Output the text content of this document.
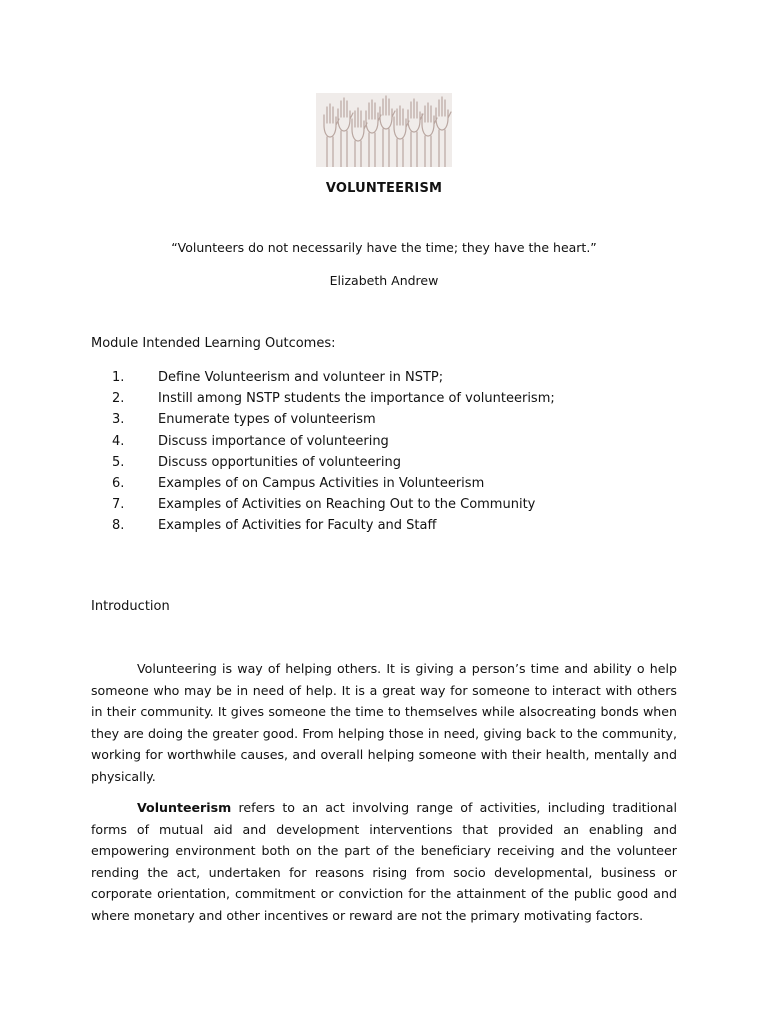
VOLUNTEERISM
“Volunteers do not necessarily have the time; they have the heart.”
Elizabeth Andrew
Module Intended Learning Outcomes:
1.	Define Volunteerism and volunteer in NSTP;
2.	Instill among NSTP students the importance of volunteerism;
3.	Enumerate types of volunteerism
4.	Discuss importance of volunteering
5.	Discuss opportunities of volunteering
6.	Examples of on Campus Activities in Volunteerism
7.	Examples of Activities on Reaching Out to the Community
8.	Examples of Activities for Faculty and Staff
Introduction

Volunteering is way of helping others. It is giving a person’s time and ability o help someone who may be in need of help. It is a great way for someone to interact with others in their community. It gives someone the time to themselves while alsocreating bonds when they are doing the greater good. From helping those in need, giving back to the community, working for worthwhile causes, and overall helping someone with their health, mentally and physically.

Volunteerism refers to an act involving range of activities, including traditional forms of mutual aid and development interventions that provided an enabling and empowering environment both on the part of the beneficiary receiving and the volunteer rending the act, undertaken for reasons rising from socio developmental, business or corporate orientation, commitment or conviction for the attainment of the public good and where monetary and other incentives or reward are not the primary motivating factors.
